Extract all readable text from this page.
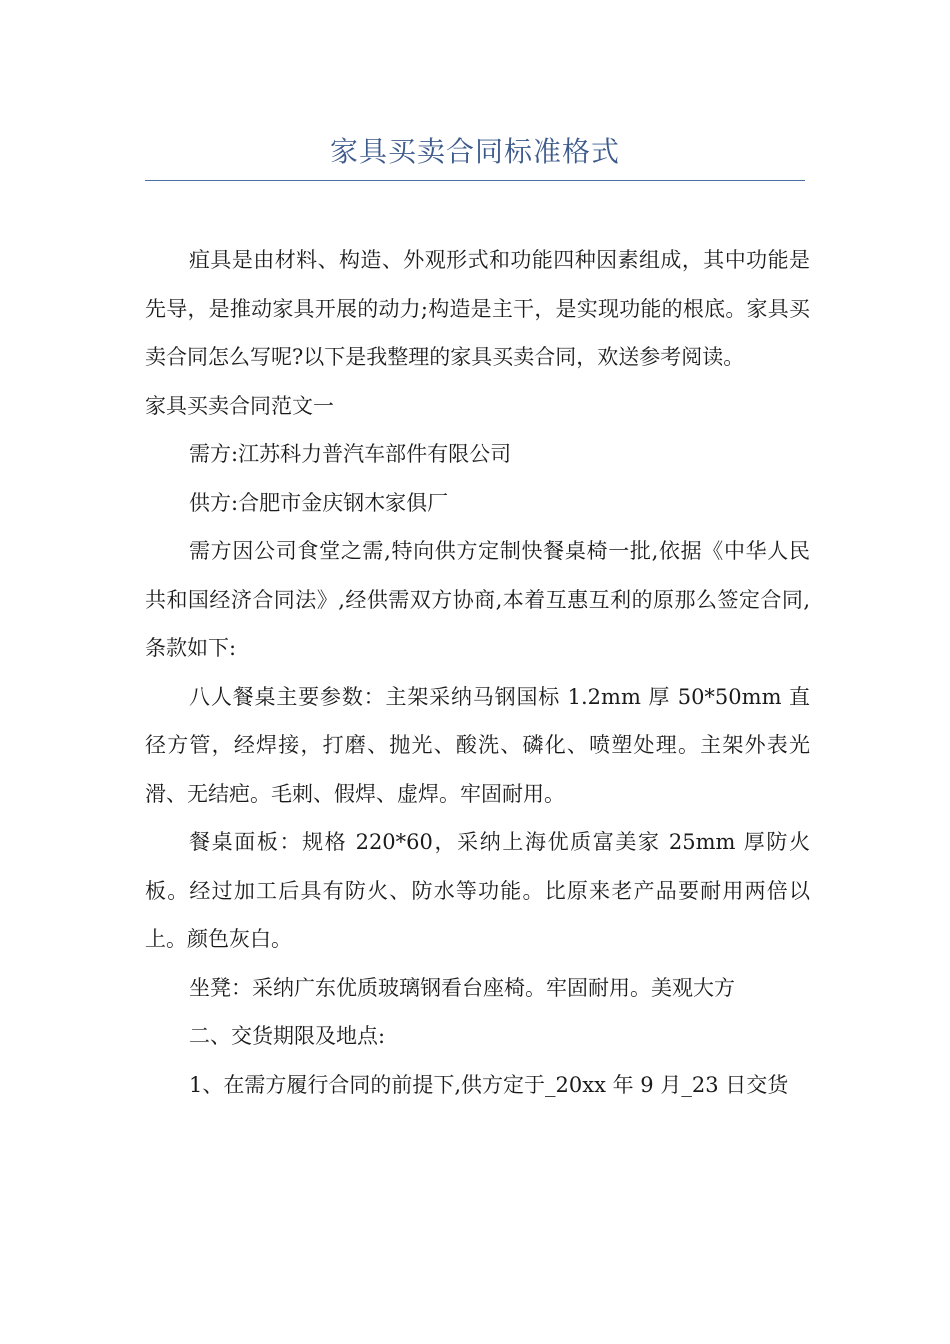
家具买卖合同标准格式

疽具是由材料、构造、外观形式和功能四种因素组成，其中功能是先导，是推动家具开展的动力;构造是主干，是实现功能的根底。家具买卖合同怎么写呢?以下是我整理的家具买卖合同，欢送参考阅读。

家具买卖合同范文一

需方:江苏科力普汽车部件有限公司

供方:合肥市金庆钢木家俱厂

需方因公司食堂之需,特向供方定制快餐桌椅一批,依据《中华人民共和国经济合同法》,经供需双方协商,本着互惠互利的原那么签定合同,条款如下:

八人餐桌主要参数：主架采纳马钢国标 1.2mm 厚 50*50mm 直径方管，经焊接，打磨、抛光、酸洗、磷化、喷塑处理。主架外表光滑、无结疤。毛刺、假焊、虚焊。牢固耐用。

餐桌面板：规格 220*60，采纳上海优质富美家 25mm 厚防火板。经过加工后具有防火、防水等功能。比原来老产品要耐用两倍以上。颜色灰白。

坐凳：采纳广东优质玻璃钢看台座椅。牢固耐用。美观大方

二、交货期限及地点:

1、在需方履行合同的前提下,供方定于_20xx 年 9 月_23 日交货
